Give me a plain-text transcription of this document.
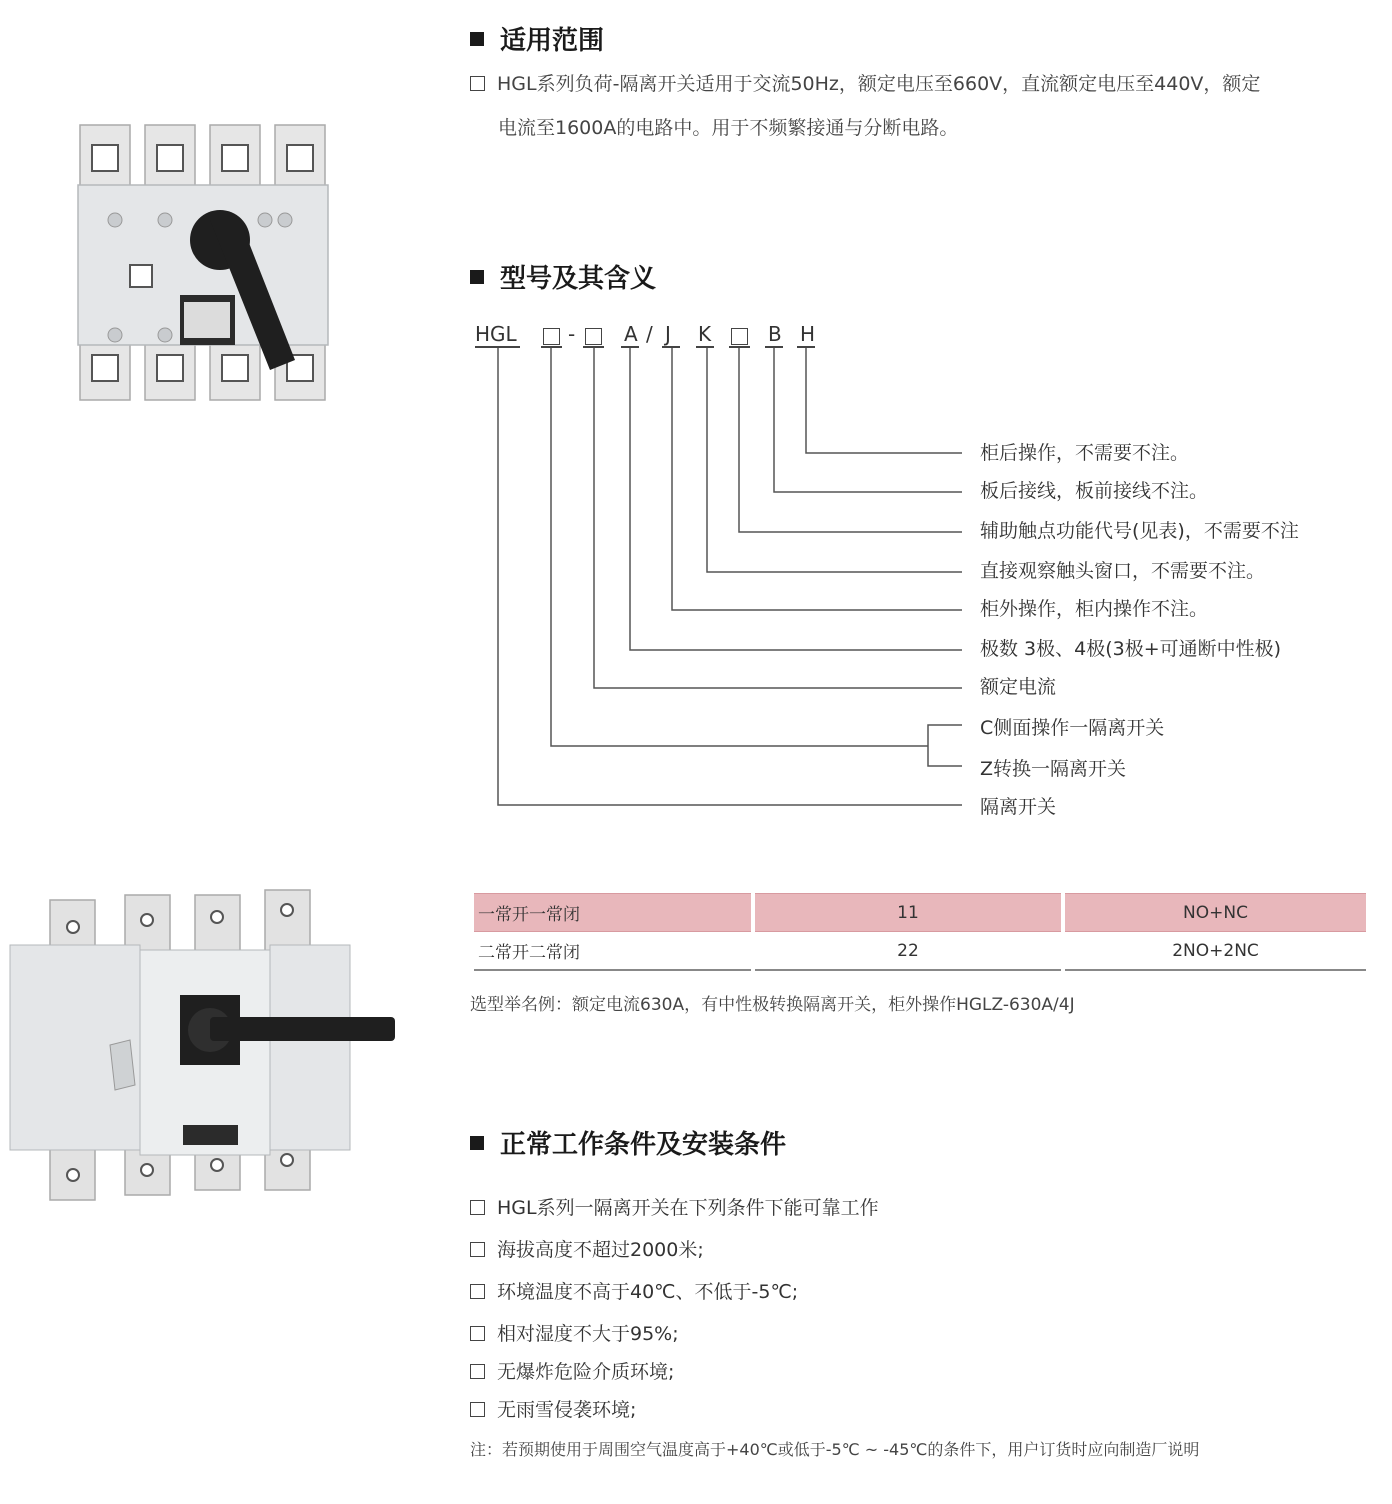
适用范围
HGL系列负荷-隔离开关适用于交流50Hz，额定电压至660V，直流额定电压至440V，额定
电流至1600A的电路中。用于不频繁接通与分断电路。
型号及其含义
HGL	- A / J K	B H
柜后操作，不需要不注。
板后接线，板前接线不注。
辅助触点功能代号(见表)，不需要不注
直接观察触头窗口，不需要不注。
柜外操作，柜内操作不注。
极数 3极、4极(3极+可通断中性极)
额定电流
C侧面操作一隔离开关
Z转换一隔离开关
隔离开关
一常开一常闭	11	NO+NC
二常开二常闭	22	2NO+2NC
选型举名例：额定电流630A，有中性极转换隔离开关，柜外操作HGLZ-630A/4J
正常工作条件及安装条件
HGL系列一隔离开关在下列条件下能可靠工作
海拔高度不超过2000米;
环境温度不高于40℃、不低于-5℃;
相对湿度不大于95%;
无爆炸危险介质环境;
无雨雪侵袭环境;
注：若预期使用于周围空气温度高于+40℃或低于-5℃ ~ -45℃的条件下，用户订货时应向制造厂说明
